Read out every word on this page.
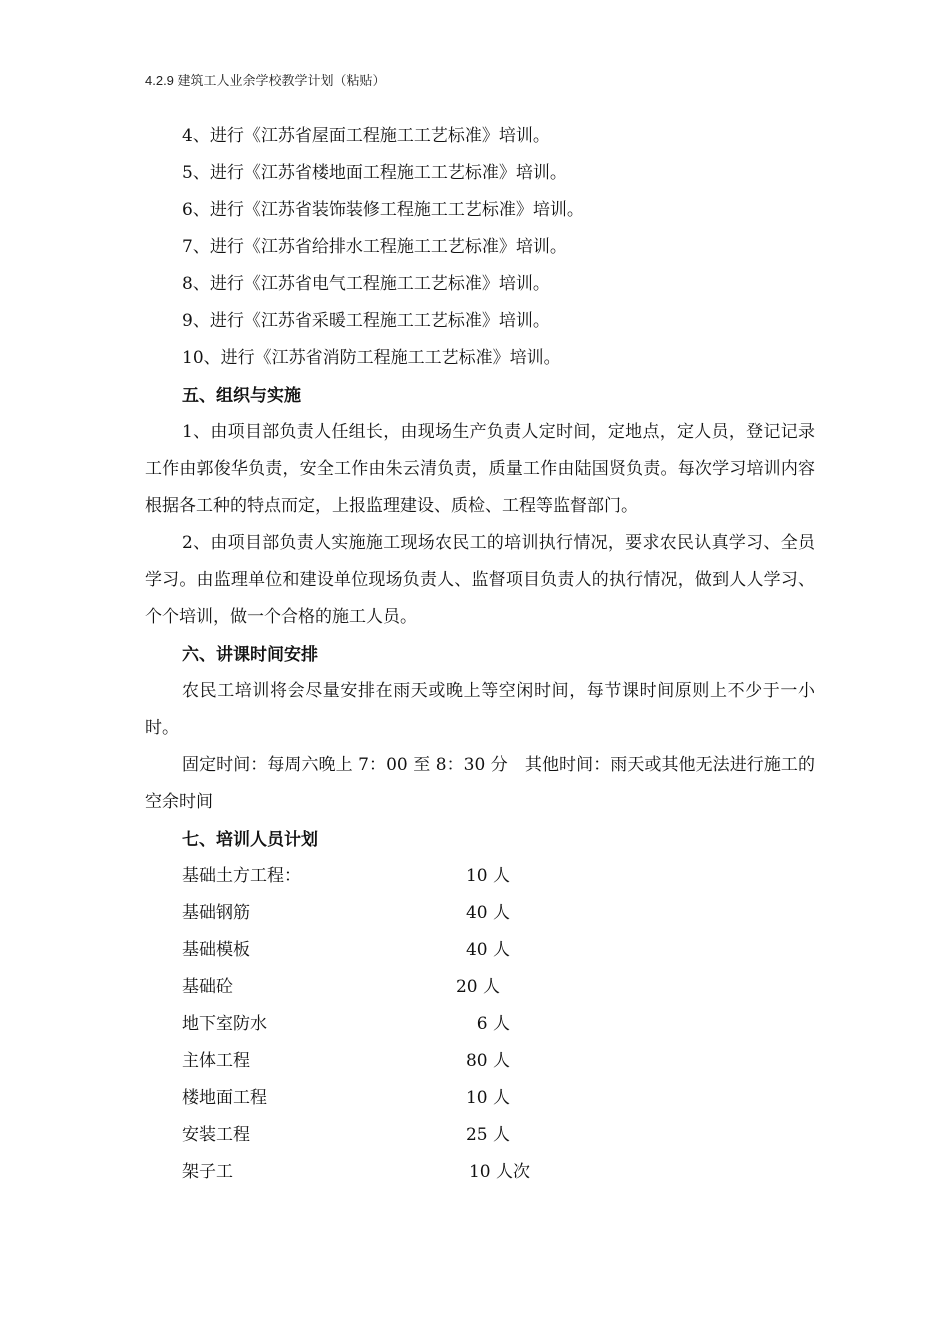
4.2.9 建筑工人业余学校教学计划（粘贴）
4、进行《江苏省屋面工程施工工艺标准》培训。
5、进行《江苏省楼地面工程施工工艺标准》培训。
6、进行《江苏省装饰装修工程施工工艺标准》培训。
7、进行《江苏省给排水工程施工工艺标准》培训。
8、进行《江苏省电气工程施工工艺标准》培训。
9、进行《江苏省采暖工程施工工艺标准》培训。
10、进行《江苏省消防工程施工工艺标准》培训。
五、组织与实施
1、由项目部负责人任组长，由现场生产负责人定时间，定地点，定人员，登记记录工作由郭俊华负责，安全工作由朱云清负责，质量工作由陆国贤负责。每次学习培训内容根据各工种的特点而定，上报监理建设、质检、工程等监督部门。
2、由项目部负责人实施施工现场农民工的培训执行情况，要求农民认真学习、全员学习。由监理单位和建设单位现场负责人、监督项目负责人的执行情况，做到人人学习、个个培训，做一个合格的施工人员。
六、讲课时间安排
农民工培训将会尽量安排在雨天或晚上等空闲时间，每节课时间原则上不少于一小时。
固定时间：每周六晚上 7：00 至 8：30 分　其他时间：雨天或其他无法进行施工的空余时间
七、培训人员计划
基础土方工程：	10 人
基础钢筋	40 人
基础模板	40 人
基础砼	20 人
地下室防水	6 人
主体工程	80 人
楼地面工程	10 人
安装工程	25 人
架子工	10 人次
